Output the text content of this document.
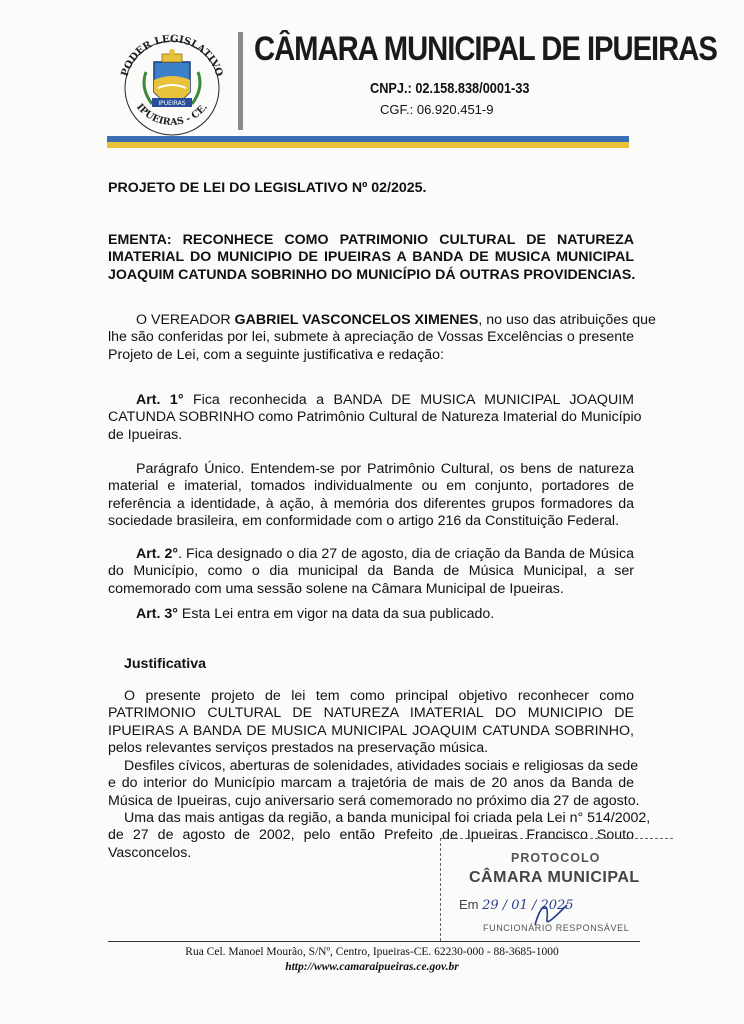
PODER LEGISLATIVO
IPUEIRAS - CE.
IPUEIRAS
CÂMARA MUNICIPAL DE IPUEIRAS
CNPJ.: 02.158.838/0001-33
CGF.: 06.920.451-9
PROJETO DE LEI DO LEGISLATIVO Nº 02/2025.
EMENTA: RECONHECE COMO PATRIMONIO CULTURAL DE NATUREZA
IMATERIAL DO MUNICIPIO DE IPUEIRAS A BANDA DE MUSICA MUNICIPAL
JOAQUIM CATUNDA SOBRINHO DO MUNICÍPIO DÁ OUTRAS PROVIDENCIAS.
O VEREADOR GABRIEL VASCONCELOS XIMENES, no uso das atribuições que
lhe são conferidas por lei, submete à apreciação de Vossas Excelências o presente
Projeto de Lei, com a seguinte justificativa e redação:
Art. 1° Fica reconhecida a BANDA DE MUSICA MUNICIPAL JOAQUIM
CATUNDA SOBRINHO como Patrimônio Cultural de Natureza Imaterial do Município
de Ipueiras.
Parágrafo Único. Entendem-se por Patrimônio Cultural, os bens de natureza
material e imaterial, tomados individualmente ou em conjunto, portadores de
referência a identidade, à ação, à memória dos diferentes grupos formadores da
sociedade brasileira, em conformidade com o artigo 216 da Constituição Federal.
Art. 2°. Fica designado o dia 27 de agosto, dia de criação da Banda de Música
do Município, como o dia municipal da Banda de Música Municipal, a ser
comemorado com uma sessão solene na Câmara Municipal de Ipueiras.
Art. 3° Esta Lei entra em vigor na data da sua publicado.
Justificativa
O presente projeto de lei tem como principal objetivo reconhecer como
PATRIMONIO CULTURAL DE NATUREZA IMATERIAL DO MUNICIPIO DE
IPUEIRAS A BANDA DE MUSICA MUNICIPAL JOAQUIM CATUNDA SOBRINHO,
pelos relevantes serviços prestados na preservação música.
Desfiles cívicos, aberturas de solenidades, atividades sociais e religiosas da sede
e do interior do Município marcam a trajetória de mais de 20 anos da Banda de
Música de Ipueiras, cujo aniversario será comemorado no próximo dia 27 de agosto.
Uma das mais antigas da região, a banda municipal foi criada pela Lei n° 514/2002,
de 27 de agosto de 2002, pelo então Prefeito de Ipueiras Francisco Souto
Vasconcelos.	PROTOCOLO
CÂMARA MUNICIPAL
Em 29 / 01 / 2025
FUNCIONÁRIO RESPONSÁVEL
Rua Cel. Manoel Mourão, S/Nº, Centro, Ipueiras-CE. 62230-000 - 88-3685-1000
http://www.camaraipueiras.ce.gov.br
